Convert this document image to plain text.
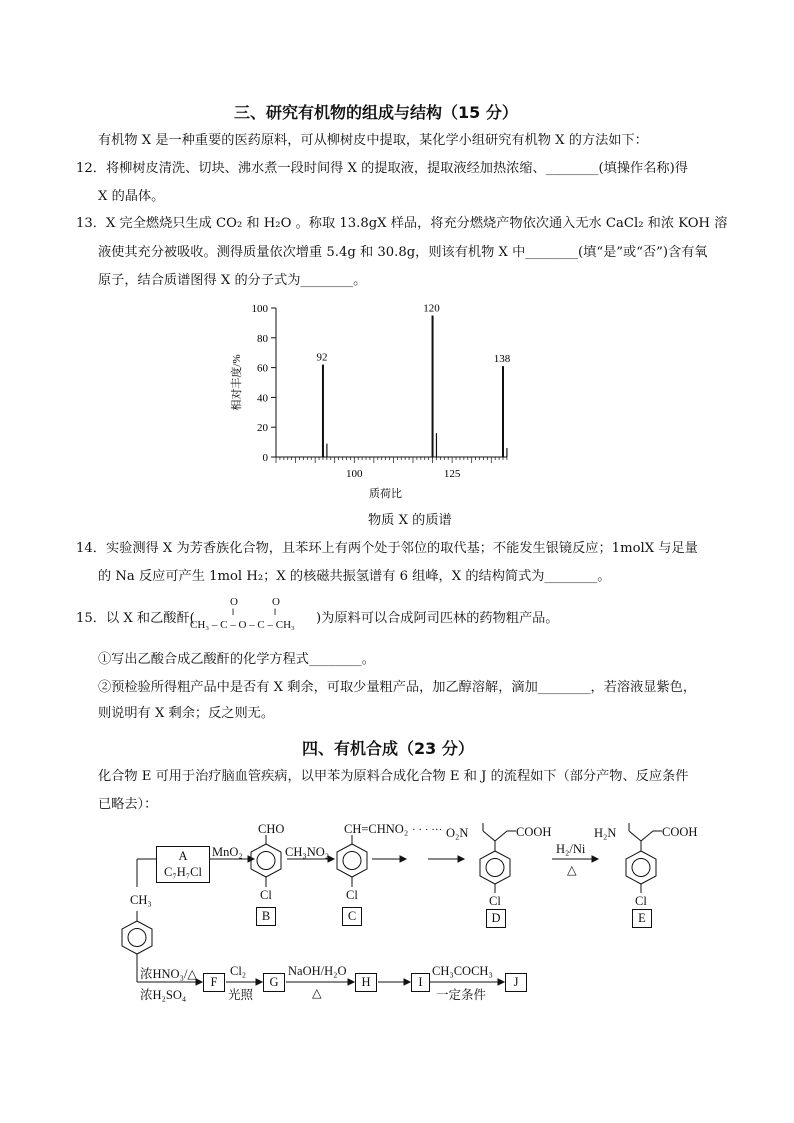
三、研究有机物的组成与结构（15 分）
有机物 X 是一种重要的医药原料，可从柳树皮中提取，某化学小组研究有机物 X 的方法如下：
12．将柳树皮清洗、切块、沸水煮一段时间得 X 的提取液，提取液经加热浓缩、________(填操作名称)得
X 的晶体。
13．X 完全燃烧只生成 CO₂ 和 H₂O 。称取 13.8gX 样品，将充分燃烧产物依次通入无水 CaCl₂ 和浓 KOH 溶
液使其充分被吸收。测得质量依次增重 5.4g 和 30.8g，则该有机物 X 中________(填“是”或“否”)含有氧
原子，结合质谱图得 X 的分子式为________。
0
20
40
60
80
100
100	125
92
120
138
质荷比
相对丰度/%
物质 X 的质谱
14．实验测得 X 为芳香族化合物，且苯环上有两个处于邻位的取代基；不能发生银镜反应；1molX 与足量
的 Na 反应可产生 1mol H₂；X 的核磁共振氢谱有 6 组峰，X 的结构简式为________。
15．以 X 和乙酸酐(
O	O
‖	‖
CH₃ – C – O – C – CH₃ )为原料可以合成阿司匹林的药物粗产品。
①写出乙酸合成乙酸酐的化学方程式________。
②预检验所得粗产品中是否有 X 剩余，可取少量粗产品，加乙醇溶解，滴加________，若溶液显紫色，
则说明有 X 剩余；反之则无。
四、有机合成（23 分）
化合物 E 可用于治疗脑血管疾病，以甲苯为原料合成化合物 E 和 J 的流程如下（部分产物、反应条件
已略去）：
A
C₇H₇Cl
MnO₂
CHO
Cl
B
CH₃NO₂
CH=CHNO₂
Cl
C
· · · ··· O₂N	COOH
Cl
D
H₂/Ni
△
H₂N	COOH
Cl
E
CH₃
浓HNO₃/△
浓H₂SO₄
F
Cl₂
光照
G
NaOH/H₂O
△
H	I
CH₃COCH₃
一定条件
J
